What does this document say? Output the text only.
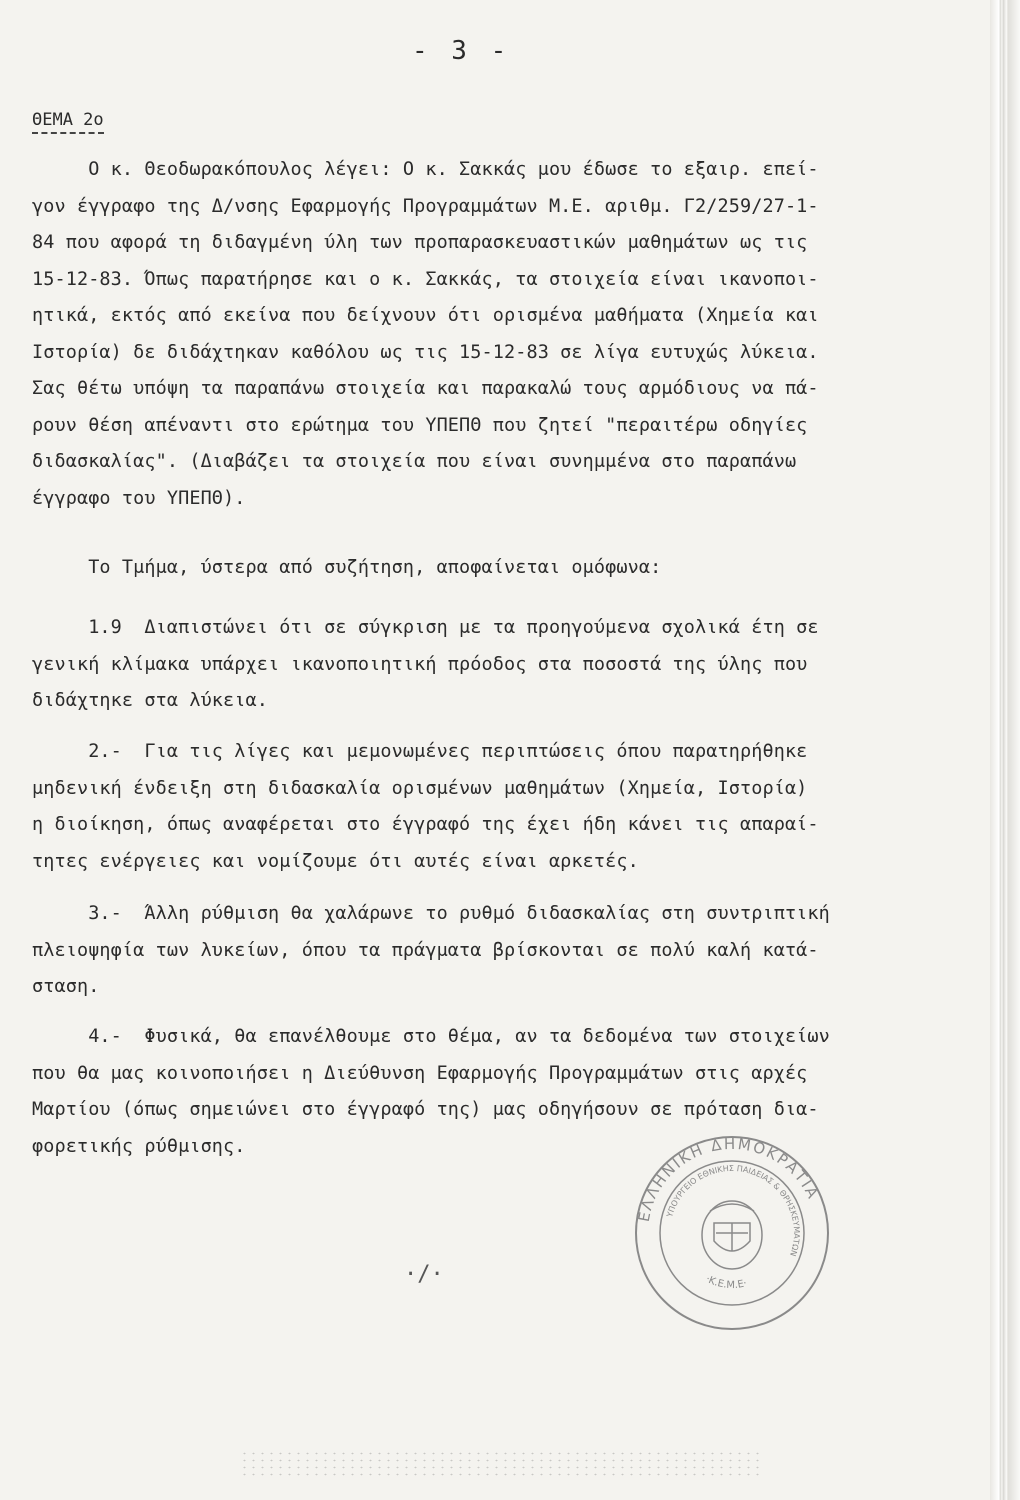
- 3 -
ΘΕΜΑ 2ο
Ο κ. Θεοδωρακόπουλος λέγει: Ο κ. Σακκάς μου έδωσε το εξαιρ. επεί-
γον έγγραφο της Δ/νσης Εφαρμογής Προγραμμάτων Μ.Ε. αριθμ. Γ2/259/27-1-
84 που αφορά τη διδαγμένη ύλη των προπαρασκευαστικών μαθημάτων ως τις
15-12-83. Όπως παρατήρησε και ο κ. Σακκάς, τα στοιχεία είναι ικανοποι-
ητικά, εκτός από εκείνα που δείχνουν ότι ορισμένα μαθήματα (Χημεία και
Ιστορία) δε διδάχτηκαν καθόλου ως τις 15-12-83 σε λίγα ευτυχώς λύκεια.
Σας θέτω υπόψη τα παραπάνω στοιχεία και παρακαλώ τους αρμόδιους να πά-
ρουν θέση απέναντι στο ερώτημα του ΥΠΕΠΘ που ζητεί "περαιτέρω οδηγίες
διδασκαλίας". (Διαβάζει τα στοιχεία που είναι συνημμένα στο παραπάνω
έγγραφο του ΥΠΕΠΘ).
Το Τμήμα, ύστερα από συζήτηση, αποφαίνεται ομόφωνα:
1.9  Διαπιστώνει ότι σε σύγκριση με τα προηγούμενα σχολικά έτη σε
γενική κλίμακα υπάρχει ικανοποιητική πρόοδος στα ποσοστά της ύλης που
διδάχτηκε στα λύκεια.
2.-  Για τις λίγες και μεμονωμένες περιπτώσεις όπου παρατηρήθηκε
μηδενική ένδειξη στη διδασκαλία ορισμένων μαθημάτων (Χημεία, Ιστορία)
η διοίκηση, όπως αναφέρεται στο έγγραφό της έχει ήδη κάνει τις απαραί-
τητες ενέργειες και νομίζουμε ότι αυτές είναι αρκετές.
3.-  Άλλη ρύθμιση θα χαλάρωνε το ρυθμό διδασκαλίας στη συντριπτική
πλειοψηφία των λυκείων, όπου τα πράγματα βρίσκονται σε πολύ καλή κατά-
σταση.
4.-  Φυσικά, θα επανέλθουμε στο θέμα, αν τα δεδομένα των στοιχείων
που θα μας κοινοποιήσει η Διεύθυνση Εφαρμογής Προγραμμάτων στις αρχές
Μαρτίου (όπως σημειώνει στο έγγραφό της) μας οδηγήσουν σε πρόταση δια-
φορετικής ρύθμισης.
·/·
ΕΛΛΗΝΙΚΗ ΔΗΜΟΚΡΑΤΙΑ
ΥΠΟΥΡΓΕΙΟ ΕΘΝΙΚΗΣ ΠΑΙΔΕΙΑΣ & ΘΡΗΣΚΕΥΜΑΤΩΝ
·Κ.Ε.Μ.Ε·
